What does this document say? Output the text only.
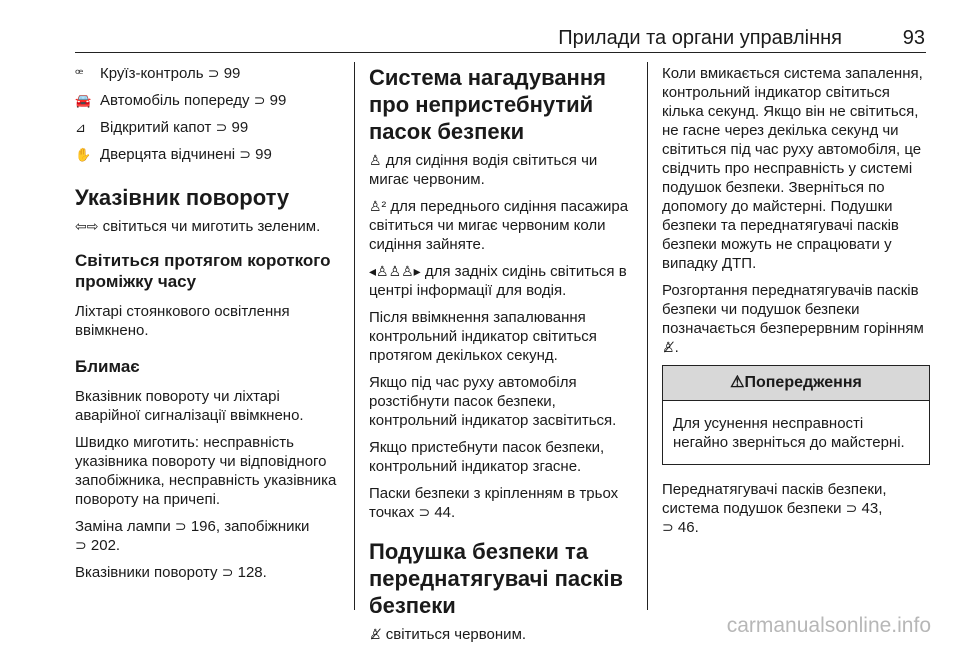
Прилади та органи управління	93
ꟹ	Круїз-контроль ⊃ 99
🚘 Автомобіль попереду ⊃ 99
⊿ Відкритий капот ⊃ 99
✋ Дверцята відчинені ⊃ 99
Указівник повороту

⇦⇨ світиться чи миготить зеленим.

Світиться протягом короткого проміжку часу

Ліхтарі стоянкового освітлення ввімкнено.

Блимає

Вказівник повороту чи ліхтарі аварійної сигналізації ввімкнено.

Швидко миготить: несправність указівника повороту чи відповідного запобіжника, несправність указівника повороту на причепі.

Заміна лампи ⊃ 196, запобіжники
⊃ 202.

Вказівники повороту ⊃ 128.

Система нагадування про непристебнутий пасок безпеки

♙ для сидіння водія світиться чи мигає червоним.

♙² для переднього сидіння пасажира світиться чи мигає червоним коли сидіння зайняте.

◂♙♙♙▸ для задніх сидінь світиться в центрі інформації для водія.

Після ввімкнення запалювання контрольний індикатор світиться протягом декількох секунд.

Якщо під час руху автомобіля розстібнути пасок безпеки, контрольний індикатор засвітиться.

Якщо пристебнути пасок безпеки, контрольний індикатор згасне.

Паски безпеки з кріпленням в трьох точках ⊃ 44.

Подушка безпеки та переднатягувачі пасків безпеки

♙̸ світиться червоним.

Коли вмикається система запалення, контрольний індикатор світиться кілька секунд. Якщо він не світиться, не гасне через декілька секунд чи світиться під час руху автомобіля, це свідчить про несправність у системі подушок безпеки. Зверніться по допомогу до майстерні. Подушки безпеки та переднатягувачі пасків безпеки можуть не спрацювати у випадку ДТП.

Розгортання переднатягувачів пасків безпеки чи подушок безпеки позначається безперервним горінням ♙̸.

⚠Попередження

Для усунення несправності негайно зверніться до майстерні.

Переднатягувачі пасків безпеки, система подушок безпеки ⊃ 43,
⊃ 46.

carmanualsonline.info
